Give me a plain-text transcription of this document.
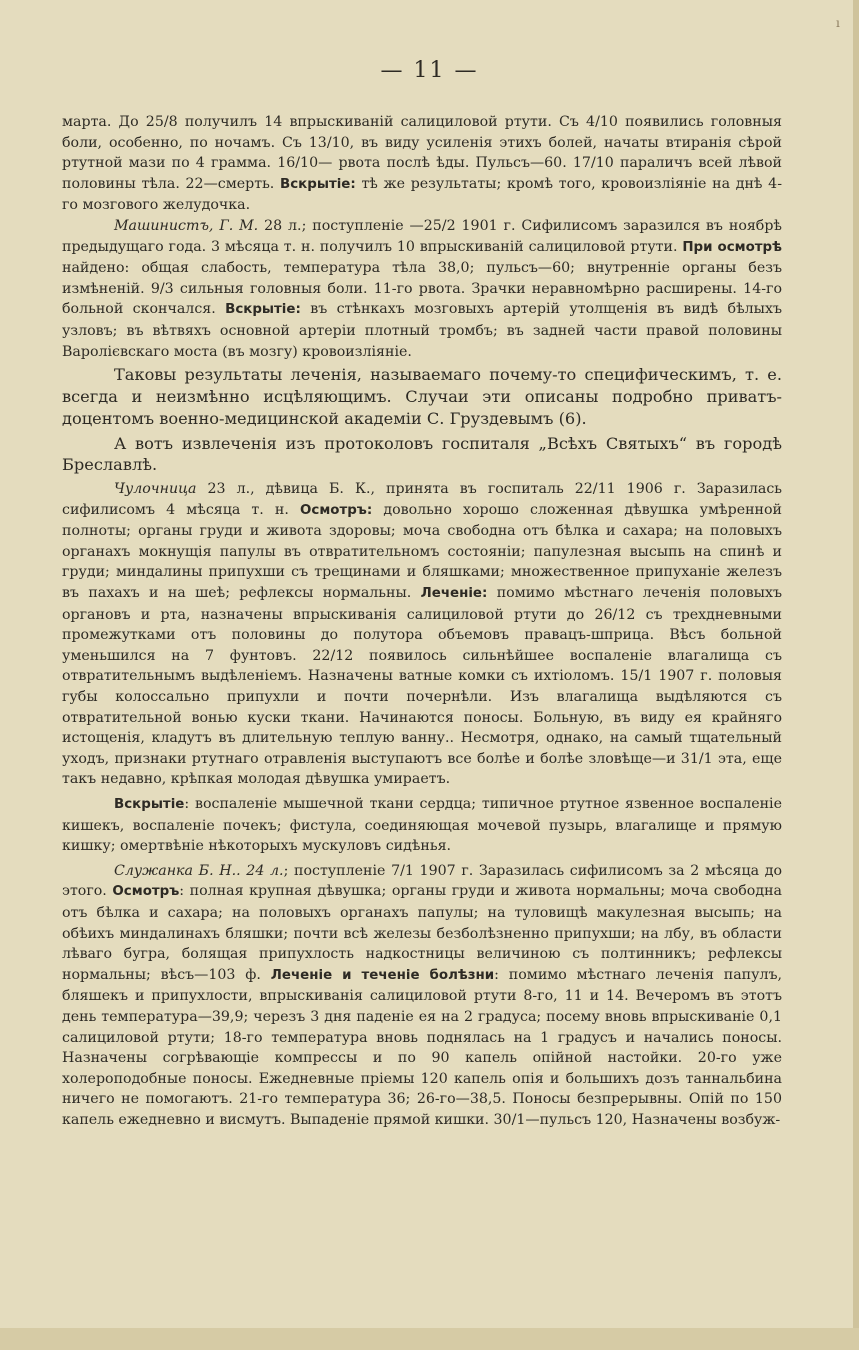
ı
— 11 —

марта. До 25/8 получилъ 14 впрыскиваній салициловой ртути. Съ 4/10 появились головныя боли, особенно, по ночамъ. Съ 13/10, въ виду усиленія этихъ болей, начаты втиранія сѣрой ртутной мази по 4 грамма. 16/10— рвота послѣ ѣды. Пульсъ—60. 17/10 параличъ всей лѣвой половины тѣла. 22—смерть. Вскрытіе: тѣ же результаты; кромѣ того, кровоизліяніе на днѣ 4-го мозгового желудочка.

Машинистъ, Г. М. 28 л.; поступленіе —25/2 1901 г. Сифилисомъ заразился въ ноябрѣ предыдущаго года. 3 мѣсяца т. н. получилъ 10 впрыскиваній салициловой ртути. При осмотрѣ найдено: общая слабость, температура тѣла 38,0; пульсъ—60; внутренніе органы безъ измѣненій. 9/3 сильныя головныя боли. 11-го рвота. Зрачки неравномѣрно расширены. 14-го больной скончался. Вскрытіе: въ стѣнкахъ мозговыхъ артерій утолщенія въ видѣ бѣлыхъ узловъ; въ вѣтвяхъ основной артеріи плотный тромбъ; въ задней части правой половины Варолієвскаго моста (въ мозгу) кровоизліяніе.

Таковы результаты леченія, называемаго почему-то специфическимъ, т. е. всегда и неизмѣнно исцѣляющимъ. Случаи эти описаны подробно приватъ-доцентомъ военно-медицинской академіи С. Груздевымъ (6).

А вотъ извлеченія изъ протоколовъ госпиталя „Всѣхъ Святыхъ“ въ городѣ Бреславлѣ.

Чулочница 23 л., дѣвица Б. К., принята въ госпиталь 22/11 1906 г. Заразилась сифилисомъ 4 мѣсяца т. н. Осмотръ: довольно хорошо сложенная дѣвушка умѣренной полноты; органы груди и живота здоровы; моча свободна отъ бѣлка и сахара; на половыхъ органахъ мокнущія папулы въ отвратительномъ состояніи; папулезная высыпь на спинѣ и груди; миндалины припухши съ трещинами и бляшками; множественное припуханіе железъ въ пахахъ и на шеѣ; рефлексы нормальны. Леченіе: помимо мѣстнаго леченія половыхъ органовъ и рта, назначены впрыскиванія салициловой ртути до 26/12 съ трехдневными промежутками отъ половины до полутора объемовъ правацъ-шприца. Вѣсъ больной уменьшился на 7 фунтовъ. 22/12 появилось сильнѣйшее воспаленіе влагалища съ отвратительнымъ выдѣленіемъ. Назначены ватные комки съ ихтіоломъ. 15/1 1907 г. половыя губы колоссально припухли и почти почернѣли. Изъ влагалища выдѣляются съ отвратительной вонью куски ткани. Начинаются поносы. Больную, въ виду ея крайняго истощенія, кладутъ въ длительную теплую ванну.. Несмотря, однако, на самый тщательный уходъ, признаки ртутнаго отравленія выступаютъ все болѣе и болѣе зловѣще—и 31/1 эта, еще такъ недавно, крѣпкая молодая дѣвушка умираетъ.

Вскрытіе: воспаленіе мышечной ткани сердца; типичное ртутное язвенное воспаленіе кишекъ, воспаленіе почекъ; фистула, соединяющая мочевой пузырь, влагалище и прямую кишку; омертвѣніе нѣкоторыхъ мускуловъ сидѣнья.

Служанка Б. Н.. 24 л.; поступленіе 7/1 1907 г. Заразилась сифилисомъ за 2 мѣсяца до этого. Осмотръ: полная крупная дѣвушка; органы груди и живота нормальны; моча свободна отъ бѣлка и сахара; на половыхъ органахъ папулы; на туловищѣ макулезная высыпь; на обѣихъ миндалинахъ бляшки; почти всѣ железы безболѣзненно припухши; на лбу, въ области лѣваго бугра, болящая припухлость надкостницы величиною съ полтинникъ; рефлексы нормальны; вѣсъ—103 ф. Леченіе и теченіе болѣзни: помимо мѣстнаго леченія папулъ, бляшекъ и припухлости, впрыскиванія салициловой ртути 8-го, 11 и 14. Вечеромъ въ этотъ день температура—39,9; черезъ 3 дня паденіе ея на 2 градуса; посему вновь впрыскиваніе 0,1 салициловой ртути; 18-го температура вновь поднялась на 1 градусъ и начались поносы. Назначены согрѣвающіе компрессы и по 90 капель опійной настойки. 20-го уже холероподобные поносы. Ежедневные пріемы 120 капель опія и большихъ дозъ таннальбина ничего не помогаютъ. 21-го температура 36; 26-го—38,5. Поносы безпрерывны. Опій по 150 капель ежедневно и висмутъ. Выпаденіе прямой кишки. 30/1—пульсъ 120, Назначены возбуж-
